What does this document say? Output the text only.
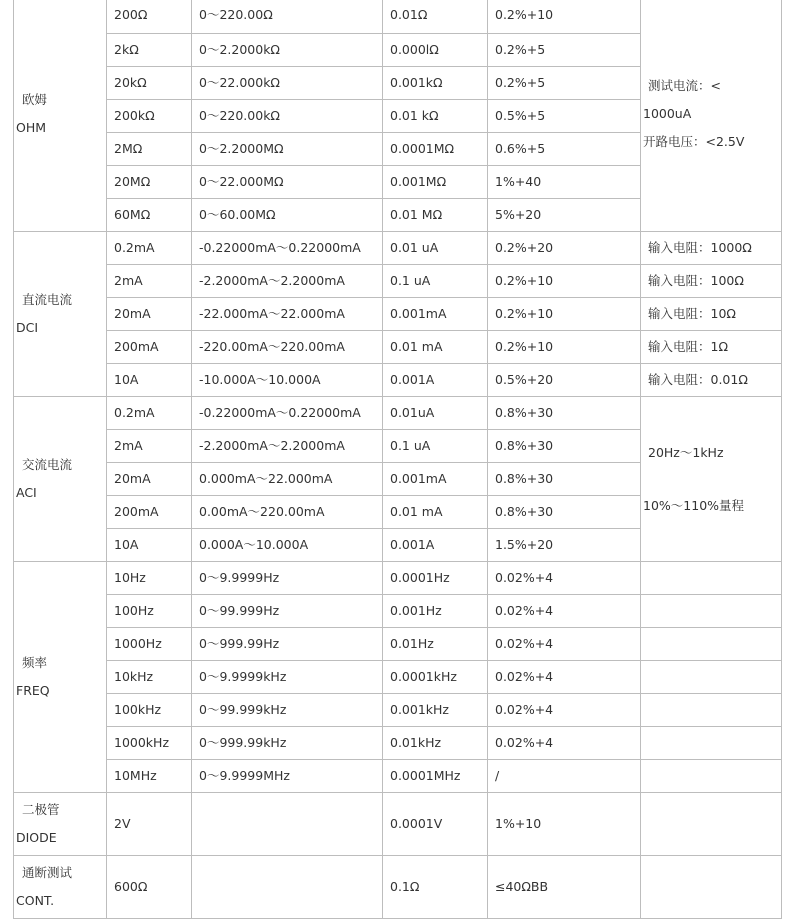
欧姆
OHM	200Ω	0～220.00Ω	0.01Ω	0.2%+10	测试电流：<
1000uA
开路电压：<2.5V

	2kΩ	0～2.2000kΩ	0.000lΩ	0.2%+5	
	20kΩ	0～22.000kΩ	0.001kΩ	0.2%+5	
	200kΩ	0～220.00kΩ	0.01 kΩ	0.5%+5	
	2MΩ	0～2.2000MΩ	0.0001MΩ	0.6%+5	
	20MΩ	0～22.000MΩ	0.001MΩ	1%+40	
	60MΩ	0～60.00MΩ	0.01 MΩ	5%+20	

直流电流
DCI	0.2mA	-0.22000mA～0.22000mA	0.01 uA	0.2%+20	输入电阻：1000Ω
	2mA	-2.2000mA～2.2000mA	0.1 uA	0.2%+10	输入电阻：100Ω
	20mA	-22.000mA～22.000mA	0.001mA	0.2%+10	输入电阻：10Ω
	200mA	-220.00mA～220.00mA	0.01 mA	0.2%+10	输入电阻：1Ω
	10A	-10.000A～10.000A	0.001A	0.5%+20	输入电阻：0.01Ω

交流电流
ACI	0.2mA	-0.22000mA～0.22000mA	0.01uA	0.8%+30	20Hz～1kHz
10%～110%量程

	2mA	-2.2000mA～2.2000mA	0.1 uA	0.8%+30	
	20mA	0.000mA～22.000mA	0.001mA	0.8%+30	
	200mA	0.00mA～220.00mA	0.01 mA	0.8%+30	
	10A	0.000A～10.000A	0.001A	1.5%+20	

频率
FREQ	10Hz	0～9.9999Hz	0.0001Hz	0.02%+4	
	100Hz	0～99.999Hz	0.001Hz	0.02%+4	
	1000Hz	0～999.99Hz	0.01Hz	0.02%+4	
	10kHz	0～9.9999kHz	0.0001kHz	0.02%+4	
	100kHz	0～99.999kHz	0.001kHz	0.02%+4	
	1000kHz	0～999.99kHz	0.01kHz	0.02%+4	
	10MHz	0～9.9999MHz	0.0001MHz	/	

二极管
DIODE	2V		0.0001V	1%+10	

通断测试
CONT.	600Ω		0.1Ω	≤40ΩBB	
